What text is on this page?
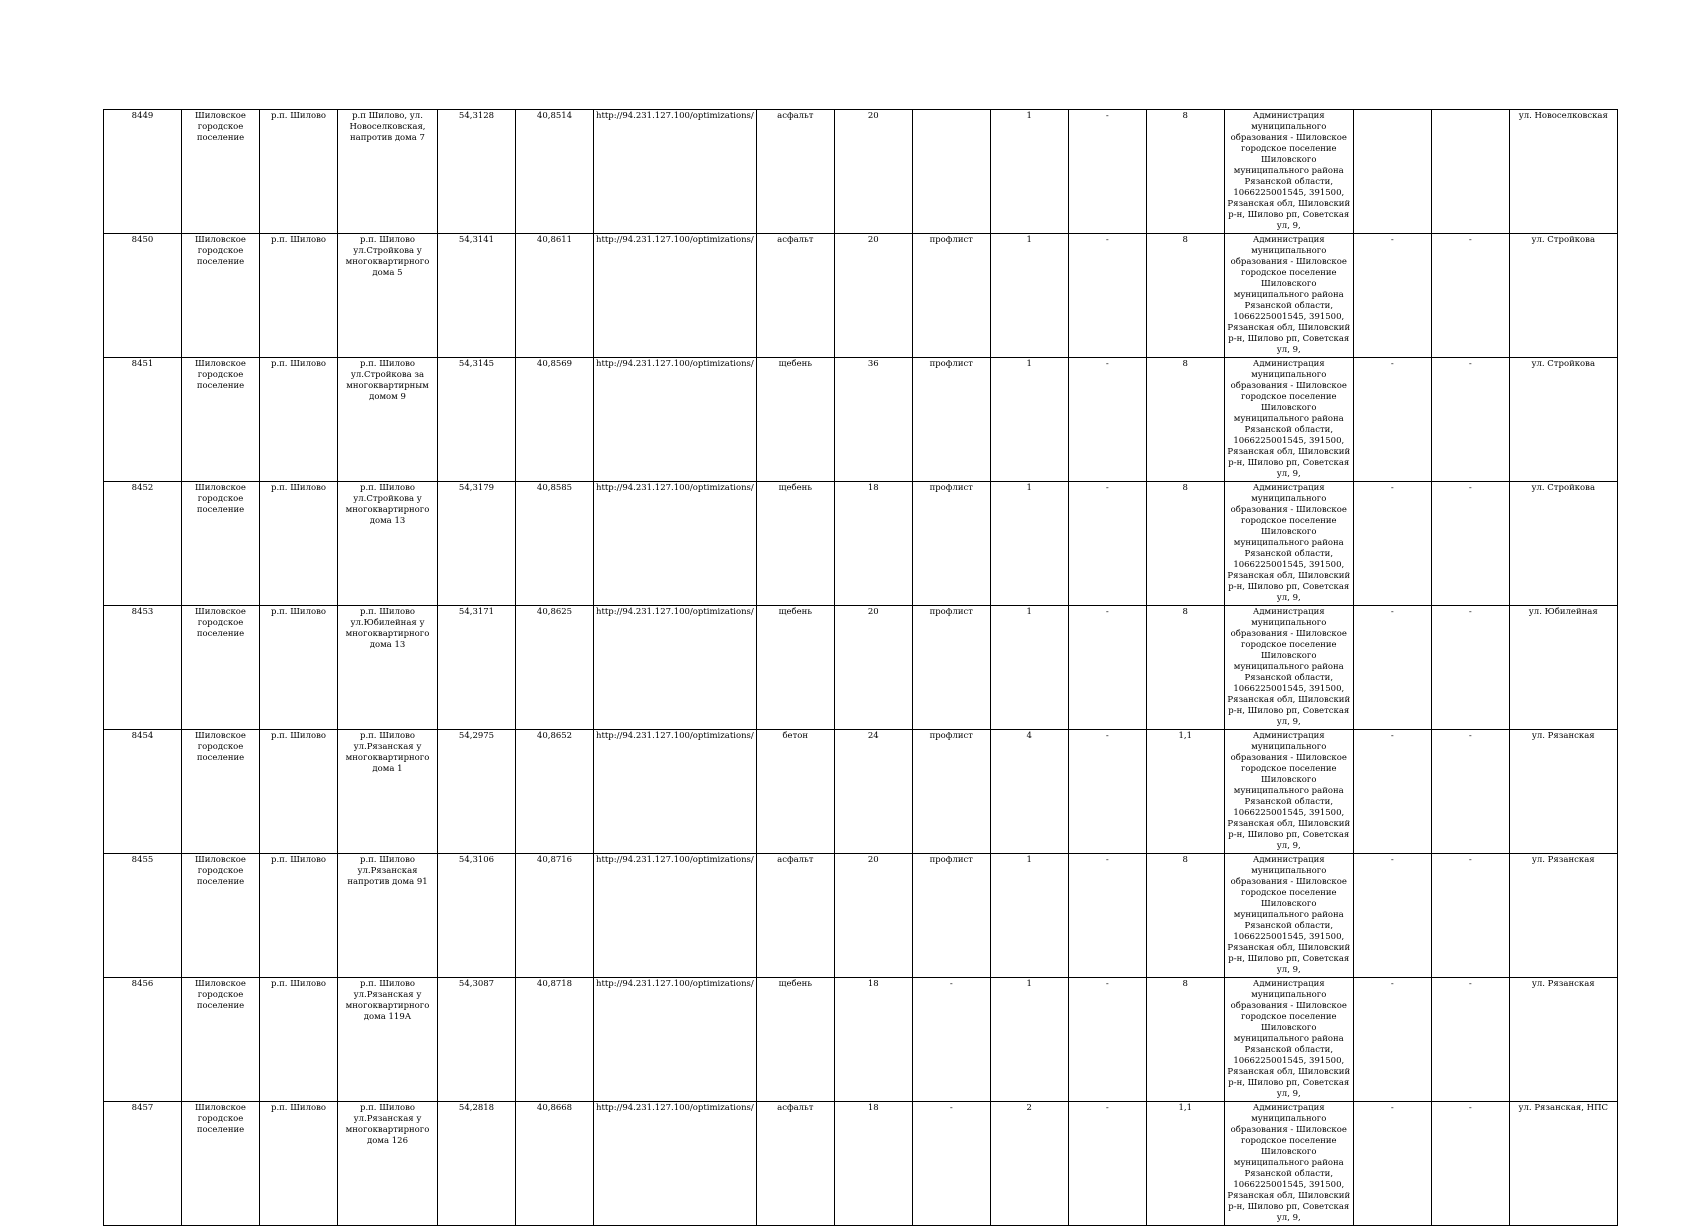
8449	Шиловское городское поселение	р.п. Шилово	р.п Шилово, ул. Новоселковская, напротив дома 7	54,3128	40,8514	http://94.231.127.100/optimizations/	асфальт	20		1	-	8	Администрация муниципального образования - Шиловское городское поселение Шиловского муниципального района Рязанской области, 1066225001545, 391500, Рязанская обл, Шиловский р-н, Шилово рп, Советская ул, 9,			ул. Новоселковская
8450	Шиловское городское поселение	р.п. Шилово	р.п. Шилово ул.Стройкова у многоквартирного дома 5	54,3141	40,8611	http://94.231.127.100/optimizations/	асфальт	20	профлист	1	-	8	Администрация муниципального образования - Шиловское городское поселение Шиловского муниципального района Рязанской области, 1066225001545, 391500, Рязанская обл, Шиловский р-н, Шилово рп, Советская ул, 9,	-	-	ул. Стройкова
8451	Шиловское городское поселение	р.п. Шилово	р.п. Шилово ул.Стройкова за многоквартирным домом 9	54,3145	40,8569	http://94.231.127.100/optimizations/	щебень	36	профлист	1	-	8	Администрация муниципального образования - Шиловское городское поселение Шиловского муниципального района Рязанской области, 1066225001545, 391500, Рязанская обл, Шиловский р-н, Шилово рп, Советская ул, 9,	-	-	ул. Стройкова
8452	Шиловское городское поселение	р.п. Шилово	р.п. Шилово ул.Стройкова у многоквартирного дома 13	54,3179	40,8585	http://94.231.127.100/optimizations/	щебень	18	профлист	1	-	8	Администрация муниципального образования - Шиловское городское поселение Шиловского муниципального района Рязанской области, 1066225001545, 391500, Рязанская обл, Шиловский р-н, Шилово рп, Советская ул, 9,	-	-	ул. Стройкова
8453	Шиловское городское поселение	р.п. Шилово	р.п. Шилово ул.Юбилейная у многоквартирного дома 13	54,3171	40,8625	http://94.231.127.100/optimizations/	щебень	20	профлист	1	-	8	Администрация муниципального образования - Шиловское городское поселение Шиловского муниципального района Рязанской области, 1066225001545, 391500, Рязанская обл, Шиловский р-н, Шилово рп, Советская ул, 9,	-	-	ул. Юбилейная
8454	Шиловское городское поселение	р.п. Шилово	р.п. Шилово ул.Рязанская у многоквартирного дома 1	54,2975	40,8652	http://94.231.127.100/optimizations/	бетон	24	профлист	4	-	1,1	Администрация муниципального образования - Шиловское городское поселение Шиловского муниципального района Рязанской области, 1066225001545, 391500, Рязанская обл, Шиловский р-н, Шилово рп, Советская ул, 9,	-	-	ул. Рязанская
8455	Шиловское городское поселение	р.п. Шилово	р.п. Шилово ул.Рязанская напротив дома 91	54,3106	40,8716	http://94.231.127.100/optimizations/	асфальт	20	профлист	1	-	8	Администрация муниципального образования - Шиловское городское поселение Шиловского муниципального района Рязанской области, 1066225001545, 391500, Рязанская обл, Шиловский р-н, Шилово рп, Советская ул, 9,	-	-	ул. Рязанская
8456	Шиловское городское поселение	р.п. Шилово	р.п. Шилово ул.Рязанская у многоквартирного дома 119А	54,3087	40,8718	http://94.231.127.100/optimizations/	щебень	18	-	1	-	8	Администрация муниципального образования - Шиловское городское поселение Шиловского муниципального района Рязанской области, 1066225001545, 391500, Рязанская обл, Шиловский р-н, Шилово рп, Советская ул, 9,	-	-	ул. Рязанская
8457	Шиловское городское поселение	р.п. Шилово	р.п. Шилово ул.Рязанская у многоквартирного дома 126	54,2818	40,8668	http://94.231.127.100/optimizations/	асфальт	18	-	2	-	1,1	Администрация муниципального образования - Шиловское городское поселение Шиловского муниципального района Рязанской области, 1066225001545, 391500, Рязанская обл, Шиловский р-н, Шилово рп, Советская ул, 9,	-	-	ул. Рязанская, НПС
